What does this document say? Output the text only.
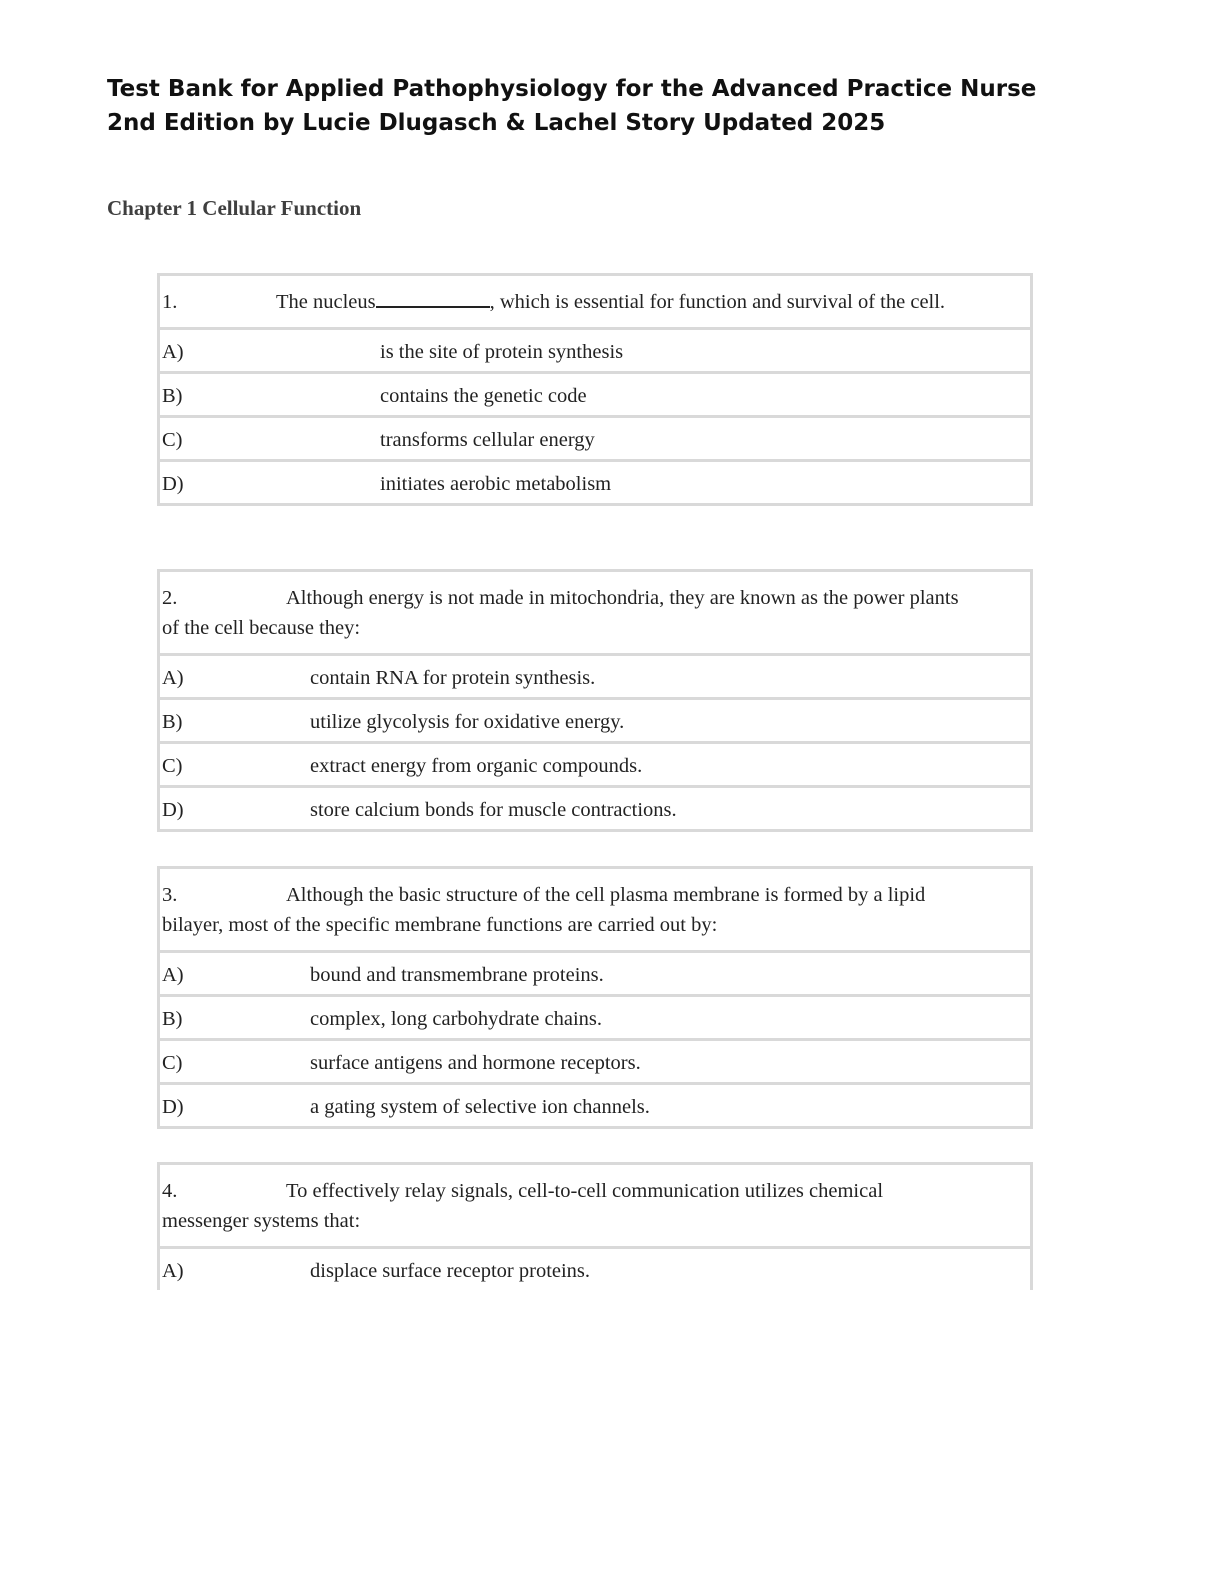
Test Bank for Applied Pathophysiology for the Advanced Practice Nurse 2nd Edition by Lucie Dlugasch & Lachel Story Updated 2025
Chapter 1 Cellular Function
1.	The nucleus	, which is essential for function and survival of the cell.
A)	is the site of protein synthesis
B)	contains the genetic code
C)	transforms cellular energy
D)	initiates aerobic metabolism
2.	Although energy is not made in mitochondria, they are known as the power plants of the cell because they:
A)	contain RNA for protein synthesis.
B)	utilize glycolysis for oxidative energy.
C)	extract energy from organic compounds.
D)	store calcium bonds for muscle contractions.
3.	Although the basic structure of the cell plasma membrane is formed by a lipid bilayer, most of the specific membrane functions are carried out by:
A)	bound and transmembrane proteins.
B)	complex, long carbohydrate chains.
C)	surface antigens and hormone receptors.
D)	a gating system of selective ion channels.
4.	To effectively relay signals, cell-to-cell communication utilizes chemical messenger systems that:
A)	displace surface receptor proteins.
